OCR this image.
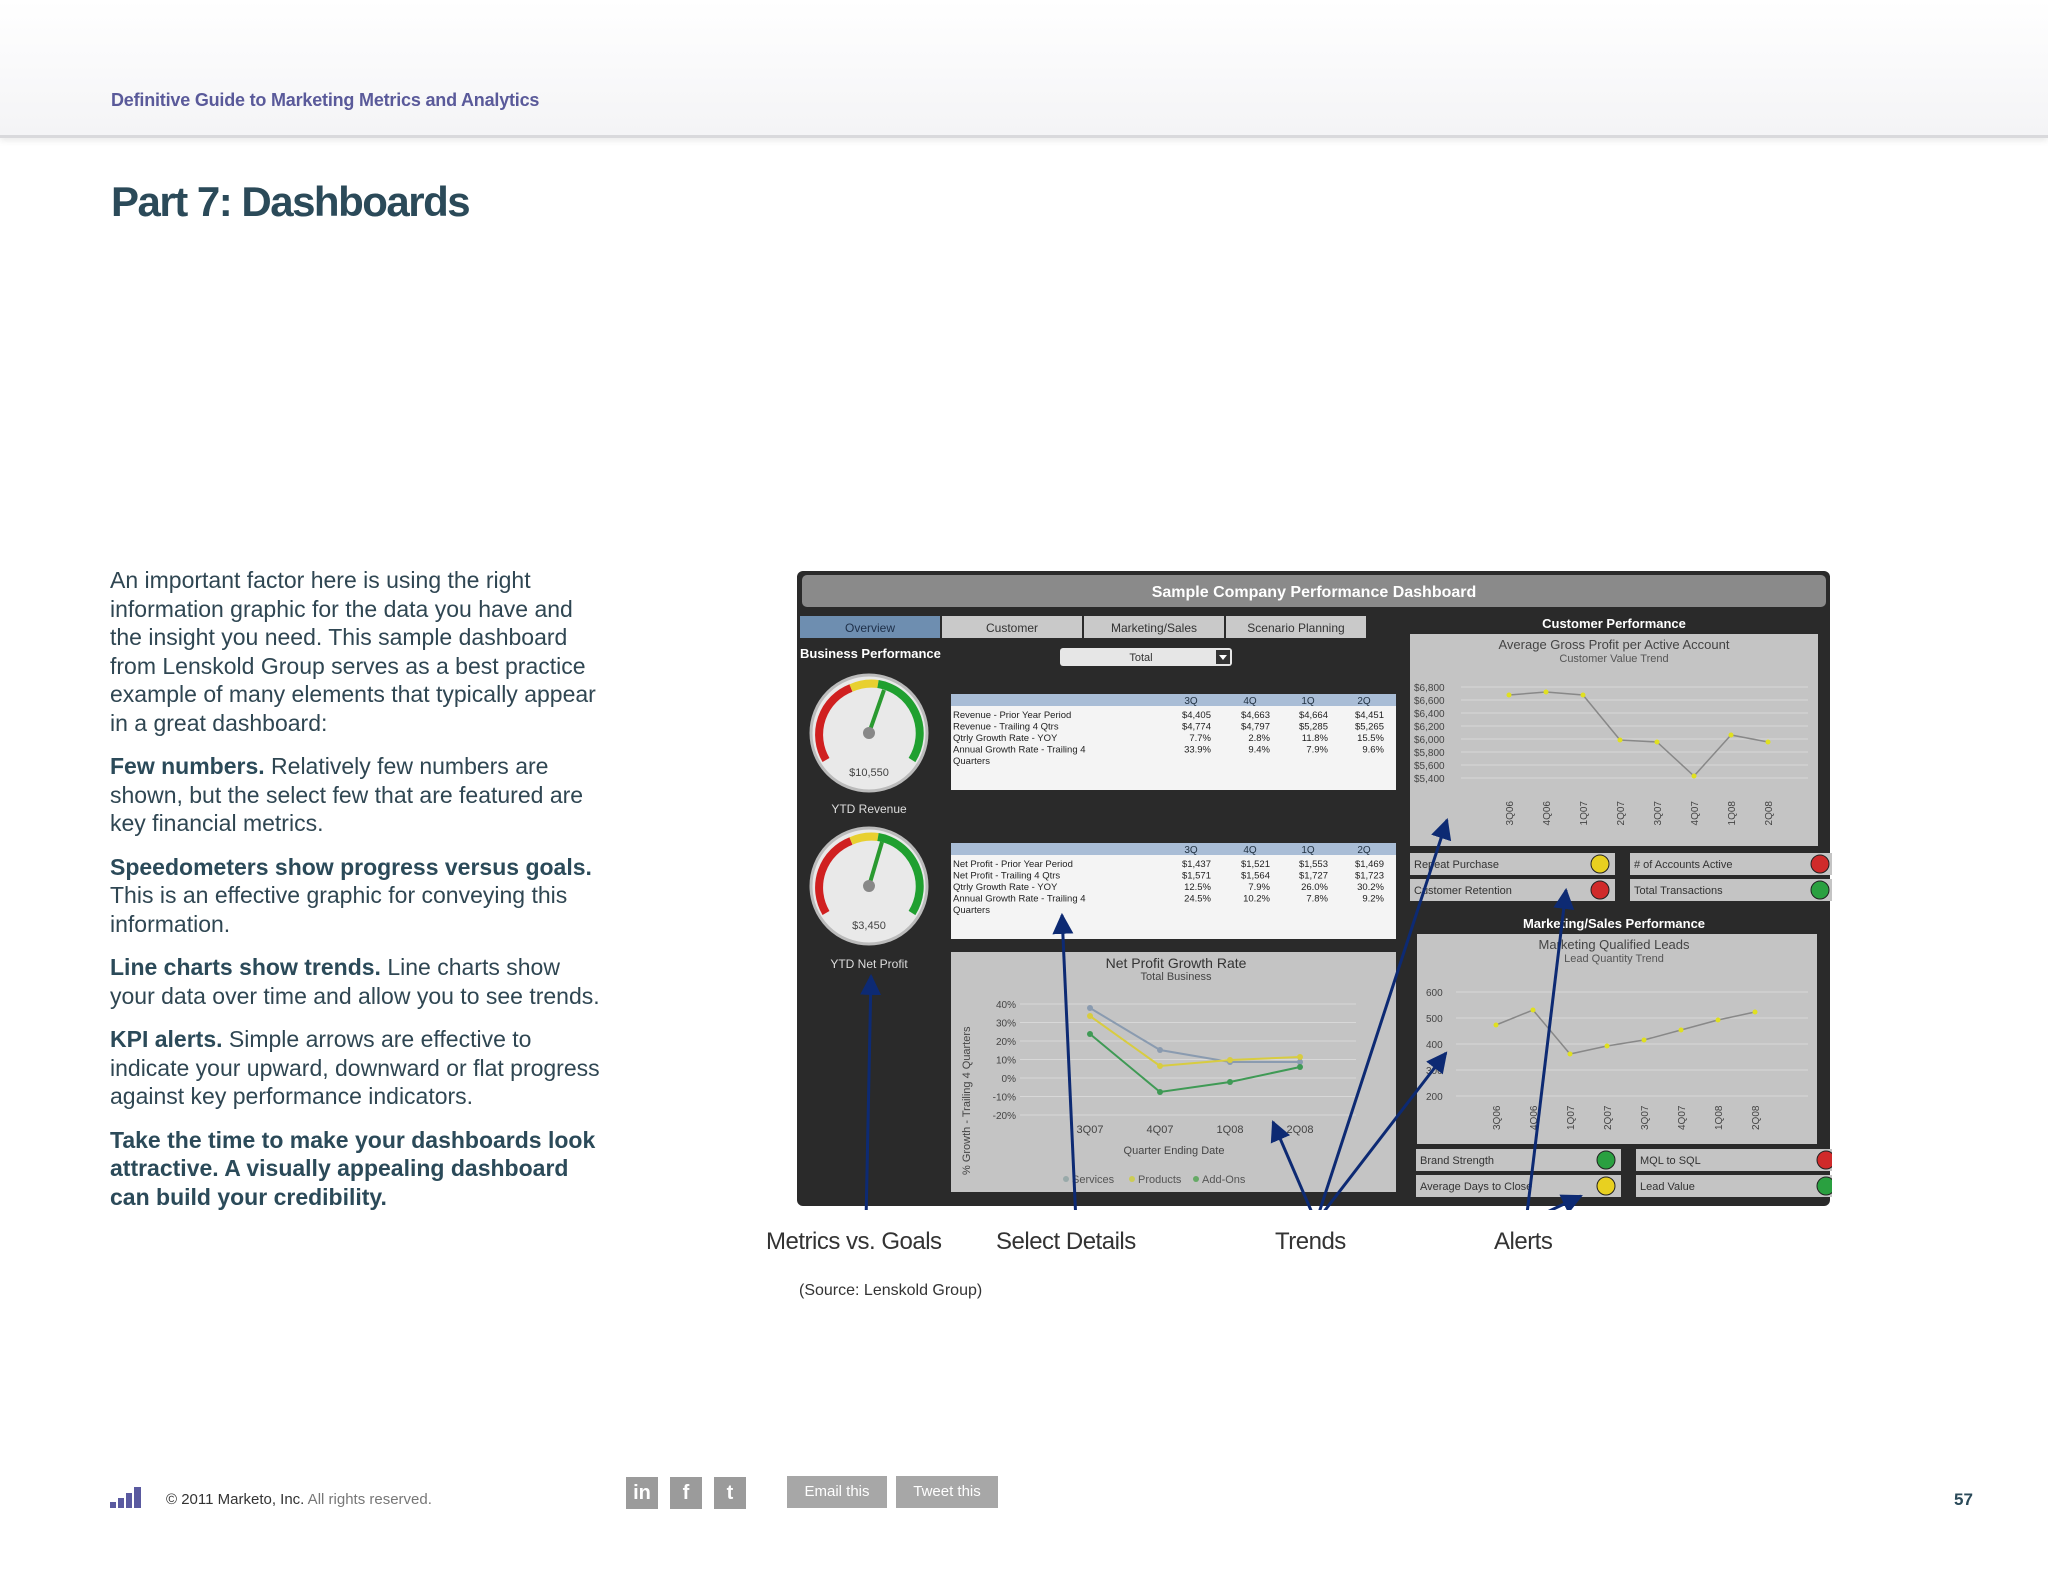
Definitive Guide to Marketing Metrics and Analytics
Part 7: Dashboards

An important factor here is using the right information graphic for the data you have and the insight you need. This sample dashboard from Lenskold Group serves as a best practice example of many elements that typically appear in a great dashboard:

Few numbers. Relatively few numbers are shown, but the select few that are featured are key financial metrics.

Speedometers show progress versus goals. This is an effective graphic for conveying this information.

Line charts show trends. Line charts show your data over time and allow you to see trends.

KPI alerts. Simple arrows are effective to indicate your upward, downward or flat progress against key performance indicators.

Take the time to make your dashboards look attractive. A visually appealing dashboard can build your credibility.

Sample Company Performance Dashboard
Overview	Customer	Marketing/Sales	Scenario Planning
Business Performance	Total
$10,550
YTD Revenue
$3,450
YTD Net Profit
3Q	4Q	1Q	2Q
Revenue - Prior Year Period	$4,405	$4,663	$4,664	$4,451
Revenue - Trailing 4 Qtrs	$4,774	$4,797	$5,285	$5,265
Qtrly Growth Rate - YOY	7.7%	2.8%	11.8%	15.5%
Annual Growth Rate - Trailing 4	33.9%	9.4%	7.9%	9.6%
Quarters
3Q	4Q	1Q	2Q
Net Profit - Prior Year Period	$1,437	$1,521	$1,553	$1,469
Net Profit - Trailing 4 Qtrs	$1,571	$1,564	$1,727	$1,723
Qtrly Growth Rate - YOY	12.5%	7.9%	26.0%	30.2%
Annual Growth Rate - Trailing 4	24.5%	10.2%	7.8%	9.2%
Quarters
Net Profit Growth Rate
Total Business
% Growth - Trailing 4 Quarters	Quarter Ending Date
40%
30%
20%
10%
0%
-10%
-20%
3Q07	4Q07	1Q08	2Q08
Services Products Add-Ons
Customer Performance
Average Gross Profit per Active Account
Customer Value Trend
$6,800
$6,600
$6,400
$6,200
$6,000
$5,800
$5,600
$5,400
3Q06	4Q06	1Q07	2Q07	3Q07	4Q07	1Q08	2Q08
Repeat Purchase	# of Accounts Active
Customer Retention	Total Transactions
Marketing/Sales Performance
Marketing Qualified Leads
Lead Quantity Trend
600
500
400
300
200
3Q06	4Q06	1Q07	2Q07	3Q07	4Q07	1Q08	2Q08
Brand Strength	MQL to SQL
Average Days to Close	Lead Value
Metrics vs. Goals Select Details	Trends	Alerts
(Source: Lenskold Group)
© 2011 Marketo, Inc. All rights reserved.	in	f	t	Email this	Tweet this	57
